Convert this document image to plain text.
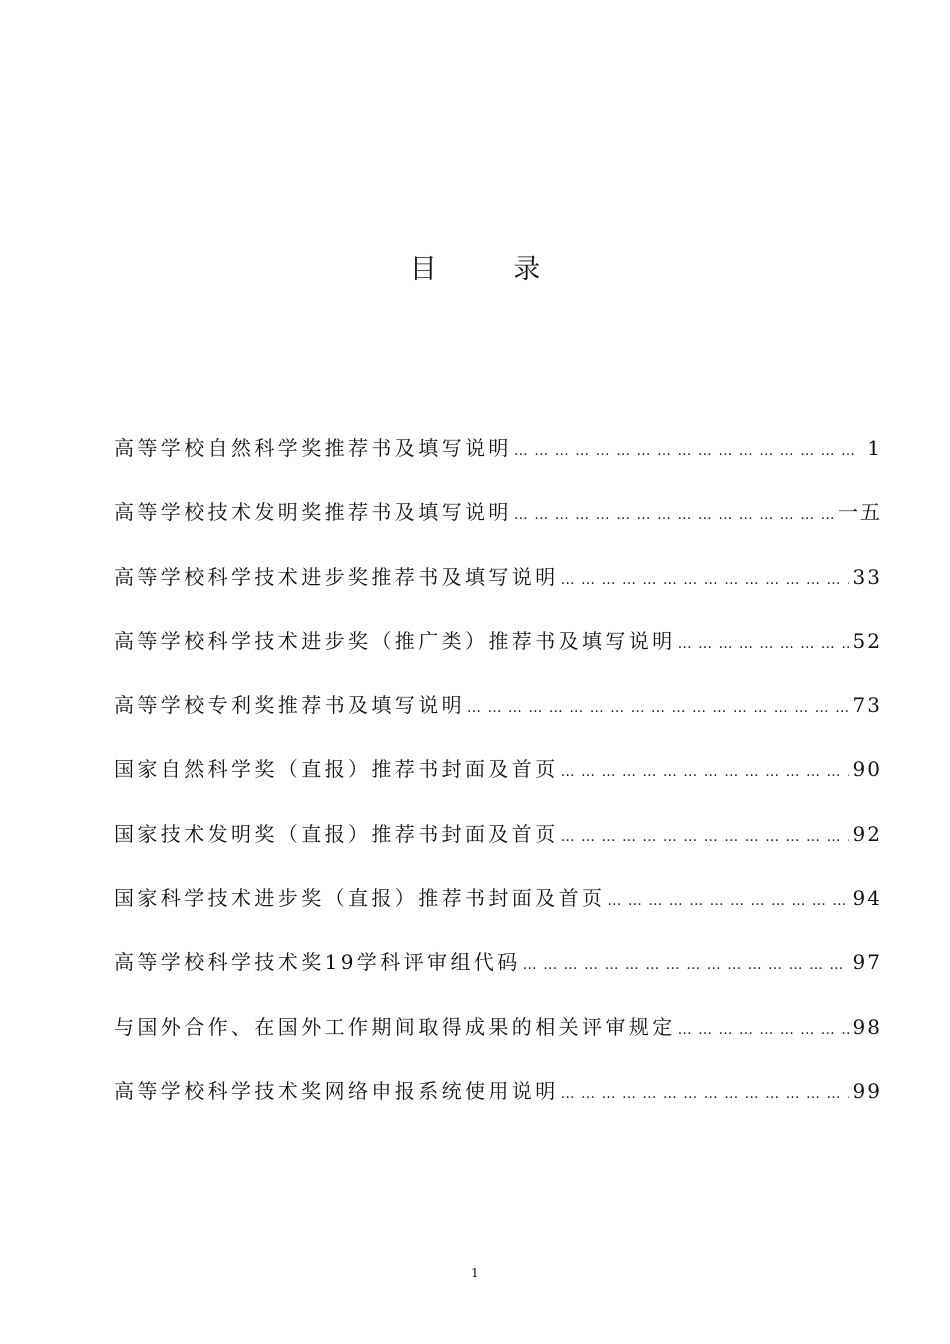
目 录
高等学校自然科学奖推荐书及填写说明 … … … … … … … … … … … … … … … … … … … … … … … … … … … … … … … … … … … … … … … … … … …	1
高等学校技术发明奖推荐书及填写说明 … … … … … … … … … … … … … … … … … … … … … … … … … … … … … … … … … … … … … … … … … … …	一五
高等学校科学技术进步奖推荐书及填写说明 … … … … … … … … … … … … … … … … … … … … … … … … … … … … … … … … … … … … … … … … … … …	33
高等学校科学技术进步奖（推广类）推荐书及填写说明 … … … … … … … … … … … … … … … … … … … … … … … … … … … … … … … … … … … … … … … … … … …	52
高等学校专利奖推荐书及填写说明 … … … … … … … … … … … … … … … … … … … … … … … … … … … … … … … … … … … … … … … … … … …	73
国家自然科学奖（直报）推荐书封面及首页 … … … … … … … … … … … … … … … … … … … … … … … … … … … … … … … … … … … … … … … … … … …	90
国家技术发明奖（直报）推荐书封面及首页 … … … … … … … … … … … … … … … … … … … … … … … … … … … … … … … … … … … … … … … … … … …	92
国家科学技术进步奖（直报）推荐书封面及首页 … … … … … … … … … … … … … … … … … … … … … … … … … … … … … … … … … … … … … … … … … … …	94
高等学校科学技术奖19学科评审组代码 … … … … … … … … … … … … … … … … … … … … … … … … … … … … … … … … … … … … … … … … … … …	97
与国外合作、在国外工作期间取得成果的相关评审规定 … … … … … … … … … … … … … … … … … … … … … … … … … … … … … … … … … … … … … … … … … … …	98
高等学校科学技术奖网络申报系统使用说明 … … … … … … … … … … … … … … … … … … … … … … … … … … … … … … … … … … … … … … … … … … …	99
1
